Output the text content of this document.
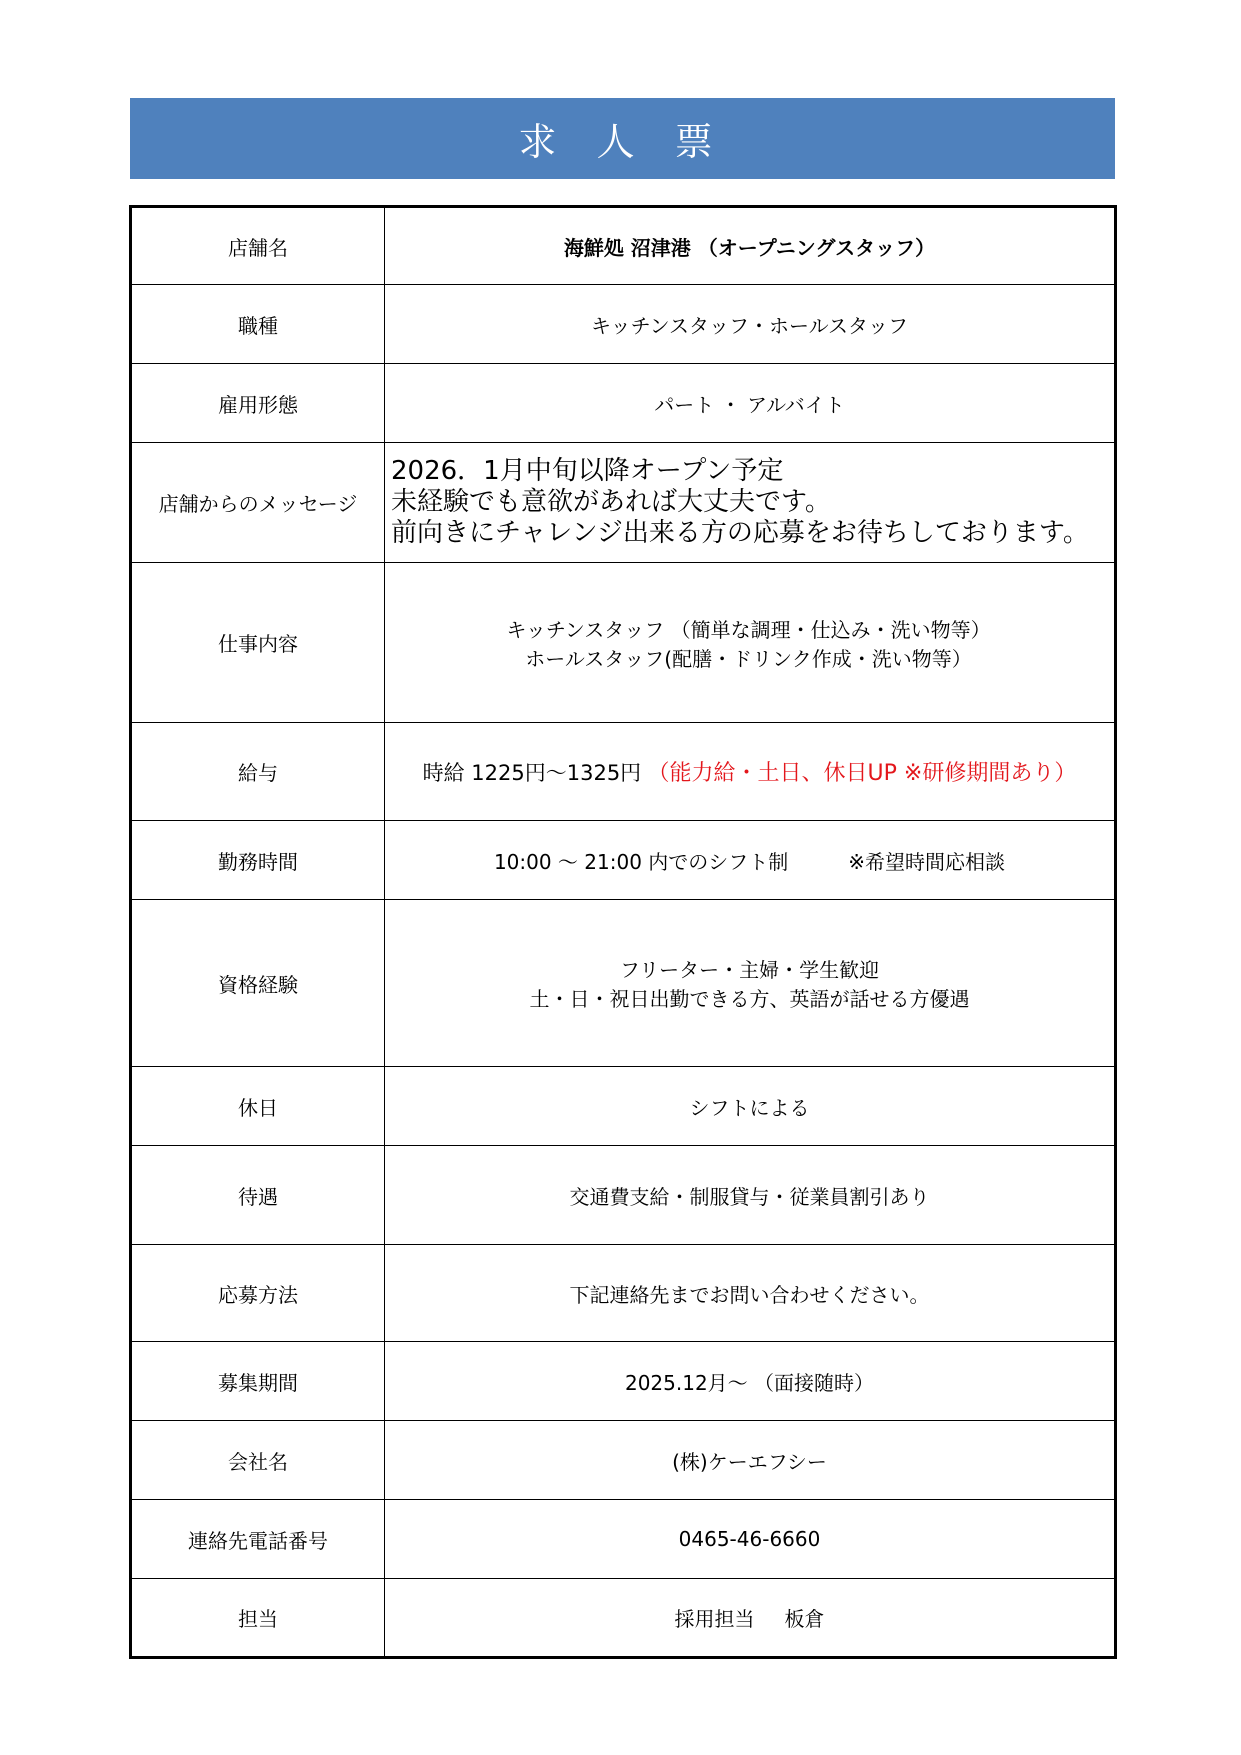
求 人 票
店舗名	海鮮処 沼津港 （オープニングスタッフ）
職種	キッチンスタッフ・ホールスタッフ
雇用形態	パート ・ アルバイト
店舗からのメッセージ	2026．1月中旬以降オープン予定
未経験でも意欲があれば大丈夫です。
前向きにチャレンジ出来る方の応募をお待ちしております。

仕事内容	キッチンスタッフ （簡単な調理・仕込み・洗い物等）
ホールスタッフ(配膳・ドリンク作成・洗い物等）

給与	時給 1225円～1325円 （能力給・土日、休日UP ※研修期間あり）
勤務時間	10:00 ～ 21:00 内でのシフト制 ※希望時間応相談
資格経験	フリーター・主婦・学生歓迎
土・日・祝日出勤できる方、英語が話せる方優遇

休日	シフトによる
待遇	交通費支給・制服貸与・従業員割引あり
応募方法	下記連絡先までお問い合わせください。
募集期間	2025.12月～ （面接随時）
会社名	(株)ケーエフシー
連絡先電話番号	0465-46-6660
担当	採用担当 板倉
